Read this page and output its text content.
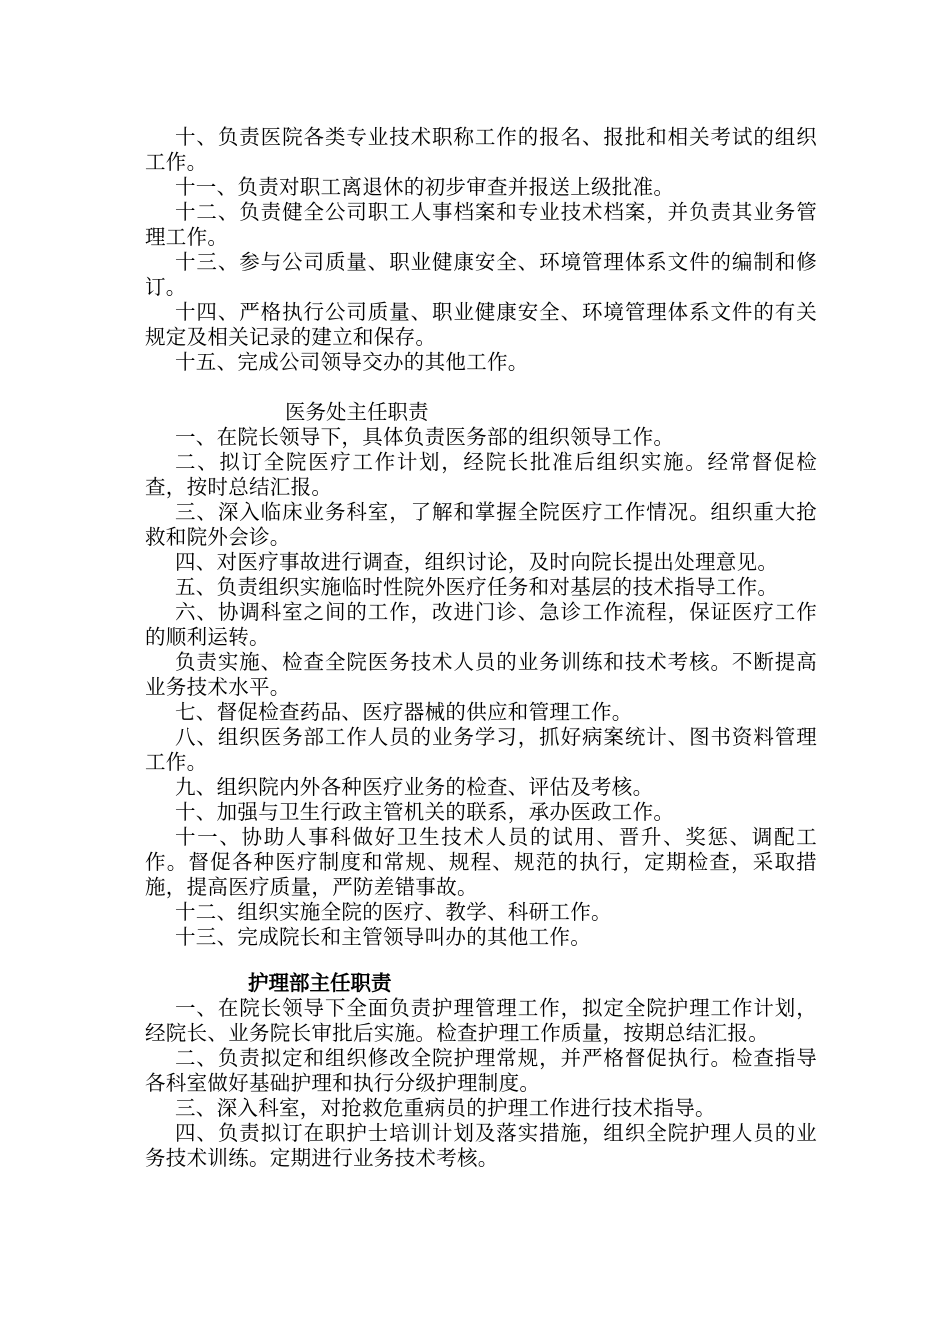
十、负责医院各类专业技术职称工作的报名、报批和相关考试的组织工作。

十一、负责对职工离退休的初步审查并报送上级批准。

十二、负责健全公司职工人事档案和专业技术档案，并负责其业务管理工作。

十三、参与公司质量、职业健康安全、环境管理体系文件的编制和修订。

十四、严格执行公司质量、职业健康安全、环境管理体系文件的有关规定及相关记录的建立和保存。

十五、完成公司领导交办的其他工作。

医务处主任职责

一、在院长领导下，具体负责医务部的组织领导工作。

二、拟订全院医疗工作计划，经院长批准后组织实施。经常督促检查，按时总结汇报。

三、深入临床业务科室，了解和掌握全院医疗工作情况。组织重大抢救和院外会诊。

四、对医疗事故进行调查，组织讨论，及时向院长提出处理意见。

五、负责组织实施临时性院外医疗任务和对基层的技术指导工作。

六、协调科室之间的工作，改进门诊、急诊工作流程，保证医疗工作的顺利运转。

负责实施、检查全院医务技术人员的业务训练和技术考核。不断提高业务技术水平。

七、督促检查药品、医疗器械的供应和管理工作。

八、组织医务部工作人员的业务学习，抓好病案统计、图书资料管理工作。

九、组织院内外各种医疗业务的检查、评估及考核。

十、加强与卫生行政主管机关的联系，承办医政工作。

十一、协助人事科做好卫生技术人员的试用、晋升、奖惩、调配工作。督促各种医疗制度和常规、规程、规范的执行，定期检查，采取措施，提高医疗质量，严防差错事故。

十二、组织实施全院的医疗、教学、科研工作。

十三、完成院长和主管领导叫办的其他工作。

护理部主任职责

一、在院长领导下全面负责护理管理工作，拟定全院护理工作计划，经院长、业务院长审批后实施。检查护理工作质量，按期总结汇报。

二、负责拟定和组织修改全院护理常规，并严格督促执行。检查指导各科室做好基础护理和执行分级护理制度。

三、深入科室，对抢救危重病员的护理工作进行技术指导。

四、负责拟订在职护士培训计划及落实措施，组织全院护理人员的业务技术训练。定期进行业务技术考核。
